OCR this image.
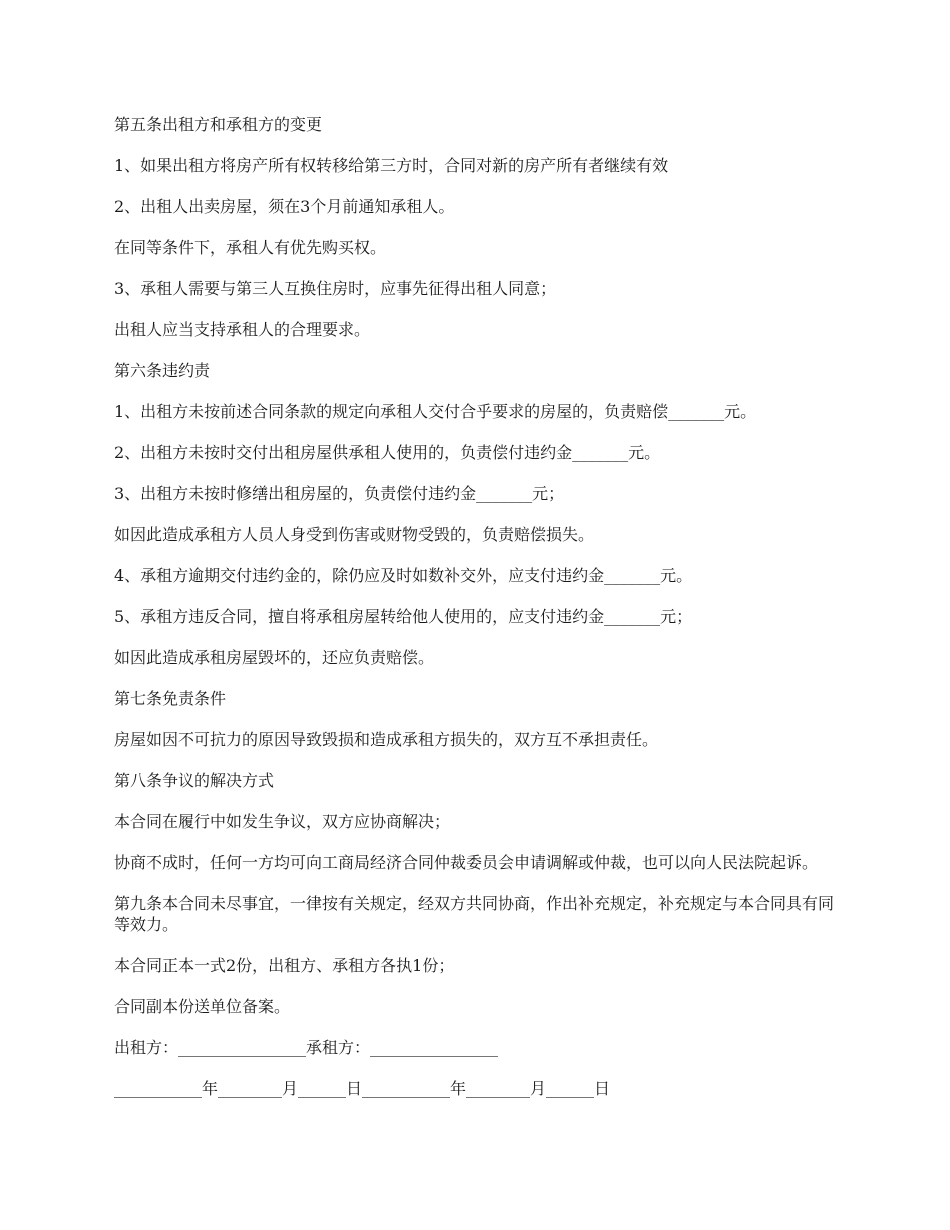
第五条出租方和承租方的变更

1、如果出租方将房产所有权转移给第三方时，合同对新的房产所有者继续有效

2、出租人出卖房屋，须在3个月前通知承租人。

在同等条件下，承租人有优先购买权。

3、承租人需要与第三人互换住房时，应事先征得出租人同意；

出租人应当支持承租人的合理要求。

第六条违约责

1、出租方未按前述合同条款的规定向承租人交付合乎要求的房屋的，负责赔偿_______元。

2、出租方未按时交付出租房屋供承租人使用的，负责偿付违约金_______元。

3、出租方未按时修缮出租房屋的，负责偿付违约金_______元；

如因此造成承租方人员人身受到伤害或财物受毁的，负责赔偿损失。

4、承租方逾期交付违约金的，除仍应及时如数补交外，应支付违约金_______元。

5、承租方违反合同，擅自将承租房屋转给他人使用的，应支付违约金_______元；

如因此造成承租房屋毁坏的，还应负责赔偿。

第七条免责条件

房屋如因不可抗力的原因导致毁损和造成承租方损失的，双方互不承担责任。

第八条争议的解决方式

本合同在履行中如发生争议，双方应协商解决；

协商不成时，任何一方均可向工商局经济合同仲裁委员会申请调解或仲裁，也可以向人民法院起诉。

第九条本合同未尽事宜，一律按有关规定，经双方共同协商，作出补充规定，补充规定与本合同具有同等效力。

本合同正本一式2份，出租方、承租方各执1份；

合同副本份送单位备案。

出租方：________________承租方：________________

___________年________月______日___________年________月______日
